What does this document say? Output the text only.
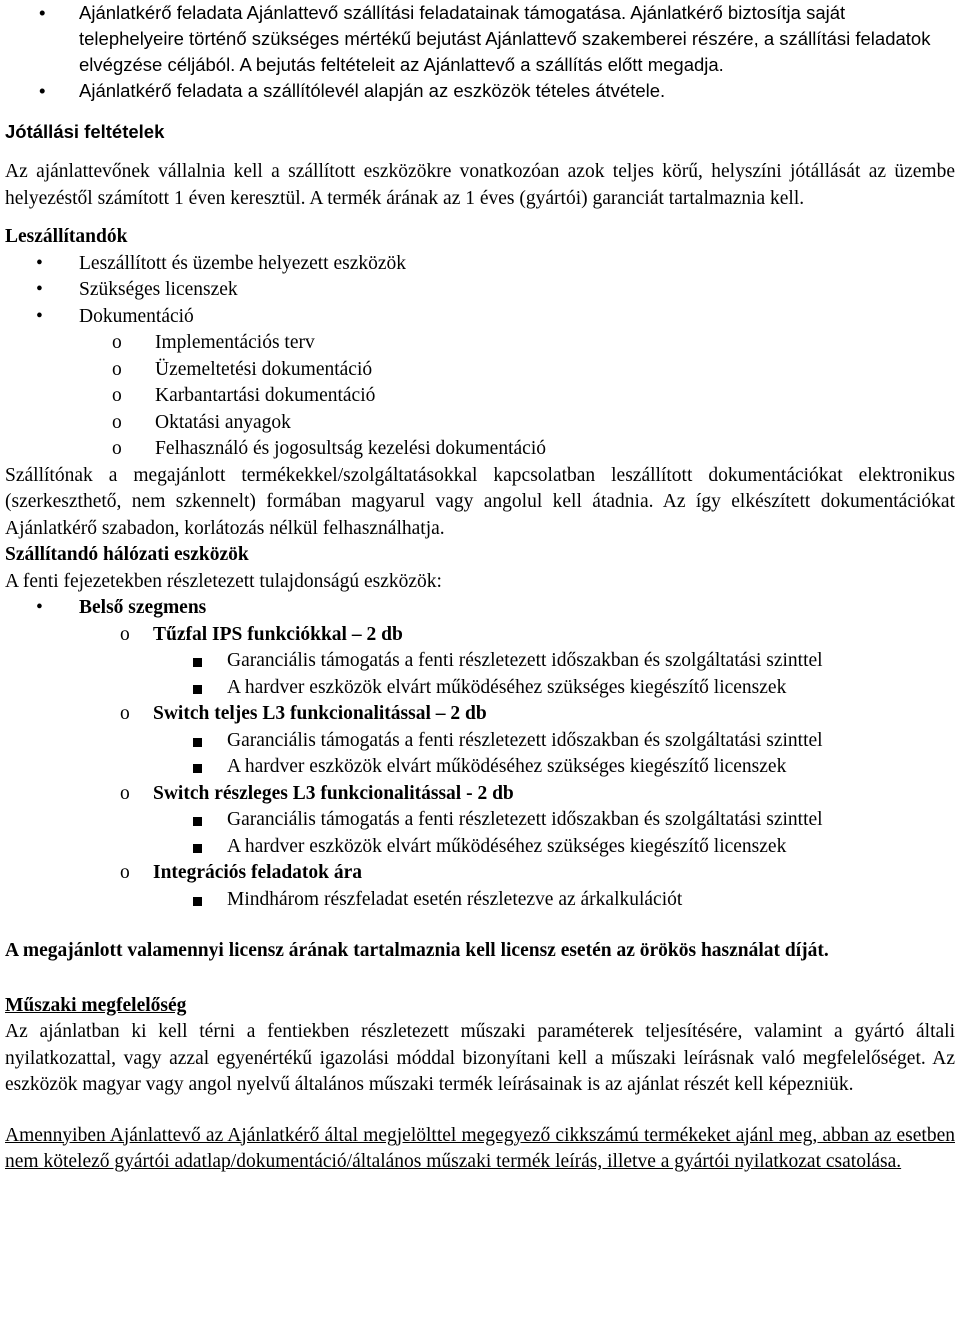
• Ajánlatkérő feladata Ajánlattevő szállítási feladatainak támogatása. Ajánlatkérő biztosítja saját telephelyeire történő szükséges mértékű bejutást Ajánlattevő szakemberei részére, a szállítási feladatok elvégzése céljából. A bejutás feltételeit az Ajánlattevő a szállítás előtt megadja.
• Ajánlatkérő feladata a szállítólevél alapján az eszközök tételes átvétele.

Jótállási feltételek

Az ajánlattevőnek vállalnia kell a szállított eszközökre vonatkozóan azok teljes körű, helyszíni jótállását az üzembe helyezéstől számított 1 éven keresztül. A termék árának az 1 éves (gyártói) garanciát tartalmaznia kell.

Leszállítandók

• Leszállított és üzembe helyezett eszközök
• Szükséges licenszek
• Dokumentáció
o	Implementációs terv
o	Üzemeltetési dokumentáció
o	Karbantartási dokumentáció
o	Oktatási anyagok
o	Felhasználó és jogosultság kezelési dokumentáció

Szállítónak a megajánlott termékekkel/szolgáltatásokkal kapcsolatban leszállított dokumentációkat elektronikus (szerkeszthető, nem szkennelt) formában magyarul vagy angolul kell átadnia. Az így elkészített dokumentációkat Ajánlatkérő szabadon, korlátozás nélkül felhasználhatja.

Szállítandó hálózati eszközök

A fenti fejezetekben részletezett tulajdonságú eszközök:

• Belső szegmens
o	Tűzfal IPS funkciókkal – 2 db
Garanciális támogatás a fenti részletezett időszakban és szolgáltatási szinttel
A hardver eszközök elvárt működéséhez szükséges kiegészítő licenszek
o	Switch teljes L3 funkcionalitással – 2 db
Garanciális támogatás a fenti részletezett időszakban és szolgáltatási szinttel
A hardver eszközök elvárt működéséhez szükséges kiegészítő licenszek
o	Switch részleges L3 funkcionalitással - 2 db
Garanciális támogatás a fenti részletezett időszakban és szolgáltatási szinttel
A hardver eszközök elvárt működéséhez szükséges kiegészítő licenszek
o	Integrációs feladatok ára
Mindhárom részfeladat esetén részletezve az árkalkulációt

A megajánlott valamennyi licensz árának tartalmaznia kell licensz esetén az örökös használat díját.

Műszaki megfelelőség

Az ajánlatban ki kell térni a fentiekben részletezett műszaki paraméterek teljesítésére, valamint a gyártó általi nyilatkozattal, vagy azzal egyenértékű igazolási móddal bizonyítani kell a műszaki leírásnak való megfelelőséget. Az eszközök magyar vagy angol nyelvű általános műszaki termék leírásainak is az ajánlat részét kell képezniük.

Amennyiben Ajánlattevő az Ajánlatkérő által megjelölttel megegyező cikkszámú termékeket ajánl meg, abban az esetben nem kötelező gyártói adatlap/dokumentáció/általános műszaki termék leírás, illetve a gyártói nyilatkozat csatolása.
